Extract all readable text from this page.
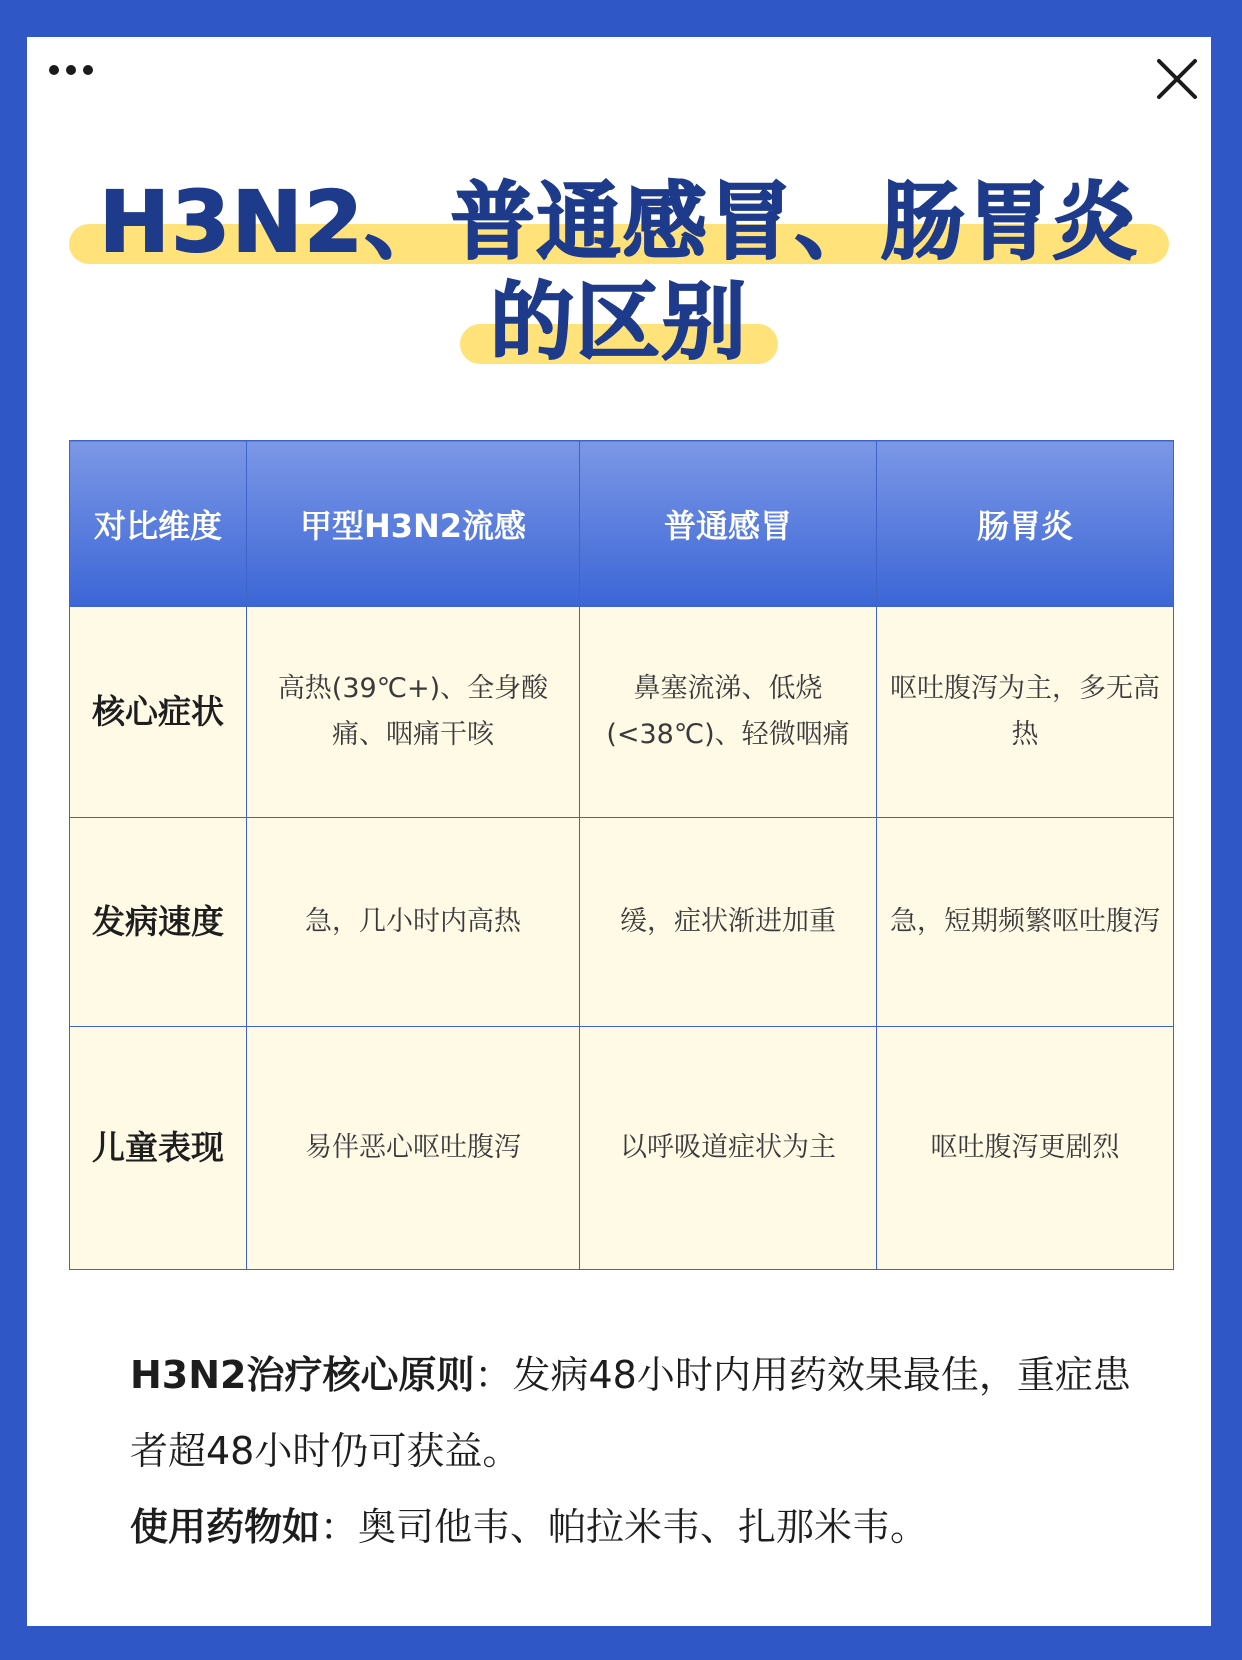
H3N2、普通感冒、肠胃炎
的区别
对比维度	甲型H3N2流感	普通感冒	肠胃炎
核心症状	高热(39℃+)、全身酸痛、咽痛干咳	鼻塞流涕、低烧(<38℃)、轻微咽痛	呕吐腹泻为主，多无高热
发病速度	急，几小时内高热	缓，症状渐进加重	急，短期频繁呕吐腹泻
儿童表现	易伴恶心呕吐腹泻	以呼吸道症状为主	呕吐腹泻更剧烈
H3N2治疗核心原则：发病48小时内用药效果最佳，重症患者超48小时仍可获益。
使用药物如：奥司他韦、帕拉米韦、扎那米韦。
